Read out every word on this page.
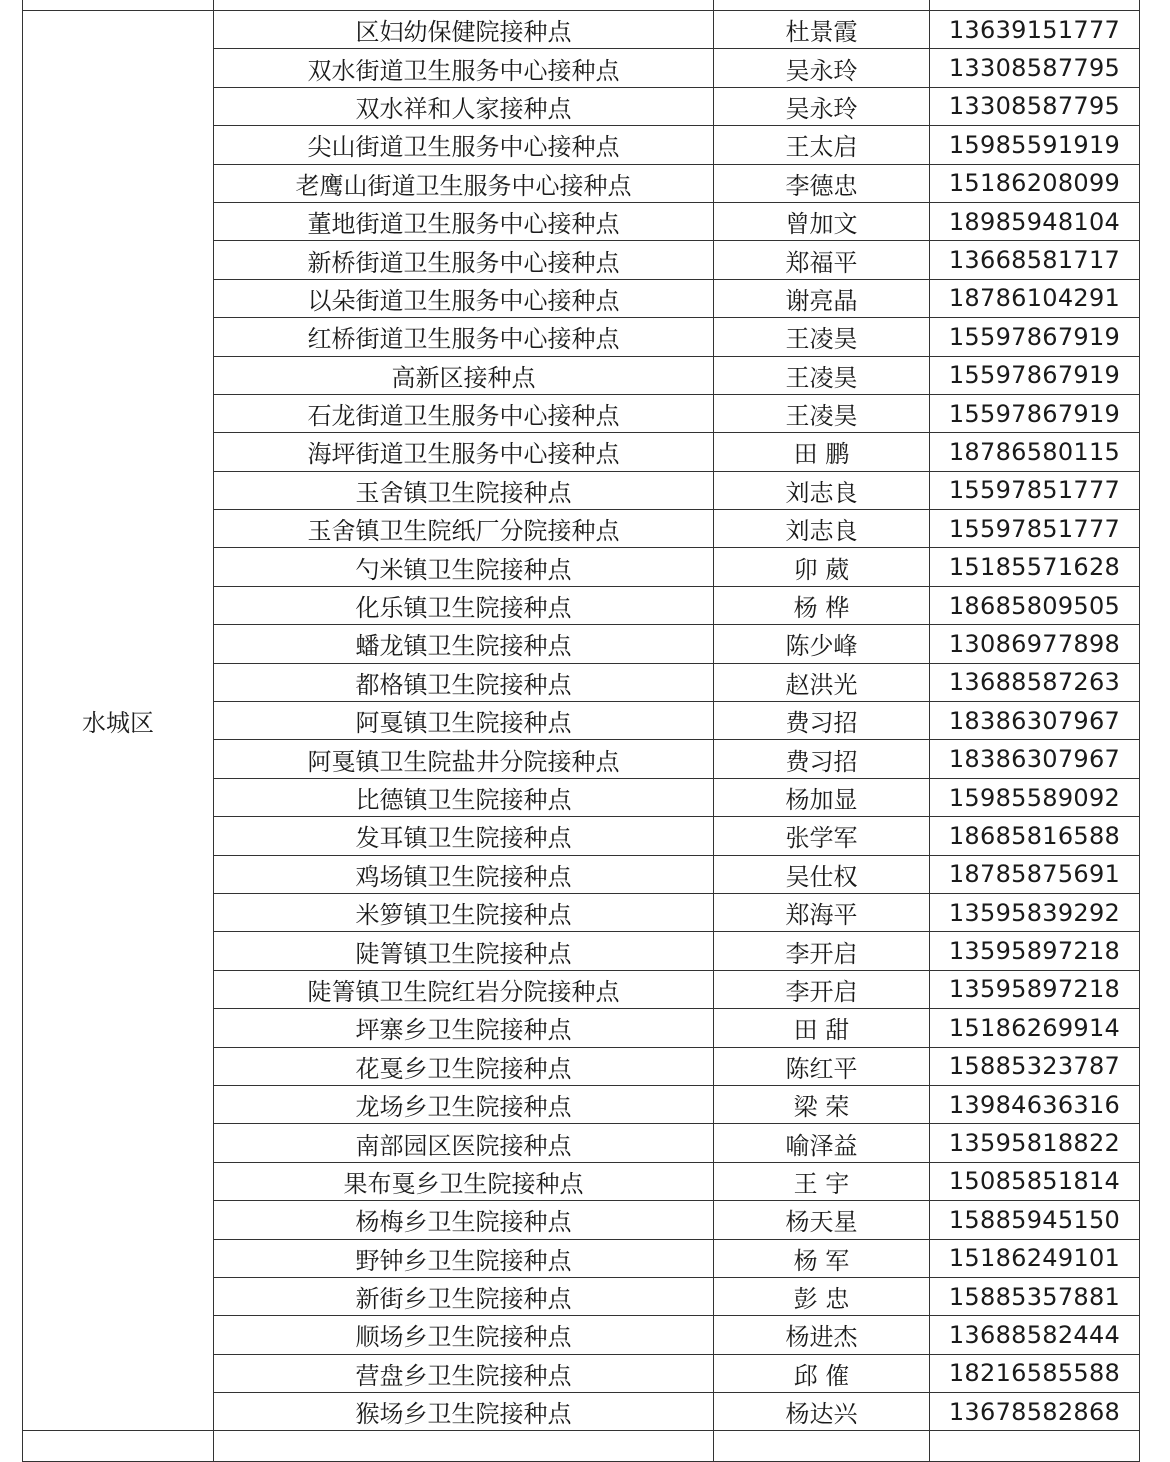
水城区	区妇幼保健院接种点	杜景霞	13639151777
	双水街道卫生服务中心接种点	吴永玲	13308587795
	双水祥和人家接种点	吴永玲	13308587795
	尖山街道卫生服务中心接种点	王太启	15985591919
	老鹰山街道卫生服务中心接种点	李德忠	15186208099
	董地街道卫生服务中心接种点	曾加文	18985948104
	新桥街道卫生服务中心接种点	郑福平	13668581717
	以朵街道卫生服务中心接种点	谢亮晶	18786104291
	红桥街道卫生服务中心接种点	王凌昊	15597867919
	高新区接种点	王凌昊	15597867919
	石龙街道卫生服务中心接种点	王凌昊	15597867919
	海坪街道卫生服务中心接种点	田 鹏	18786580115
	玉舍镇卫生院接种点	刘志良	15597851777
	玉舍镇卫生院纸厂分院接种点	刘志良	15597851777
	勺米镇卫生院接种点	卯 葳	15185571628
	化乐镇卫生院接种点	杨 桦	18685809505
	蟠龙镇卫生院接种点	陈少峰	13086977898
	都格镇卫生院接种点	赵洪光	13688587263
	阿戛镇卫生院接种点	费习招	18386307967
	阿戛镇卫生院盐井分院接种点	费习招	18386307967
	比德镇卫生院接种点	杨加显	15985589092
	发耳镇卫生院接种点	张学军	18685816588
	鸡场镇卫生院接种点	吴仕权	18785875691
	米箩镇卫生院接种点	郑海平	13595839292
	陡箐镇卫生院接种点	李开启	13595897218
	陡箐镇卫生院红岩分院接种点	李开启	13595897218
	坪寨乡卫生院接种点	田 甜	15186269914
	花戛乡卫生院接种点	陈红平	15885323787
	龙场乡卫生院接种点	梁 荣	13984636316
	南部园区医院接种点	喻泽益	13595818822
	果布戛乡卫生院接种点	王 宇	15085851814
	杨梅乡卫生院接种点	杨天星	15885945150
	野钟乡卫生院接种点	杨 军	15186249101
	新街乡卫生院接种点	彭 忠	15885357881
	顺场乡卫生院接种点	杨进杰	13688582444
	营盘乡卫生院接种点	邱 傕	18216585588
	猴场乡卫生院接种点	杨达兴	13678582868
